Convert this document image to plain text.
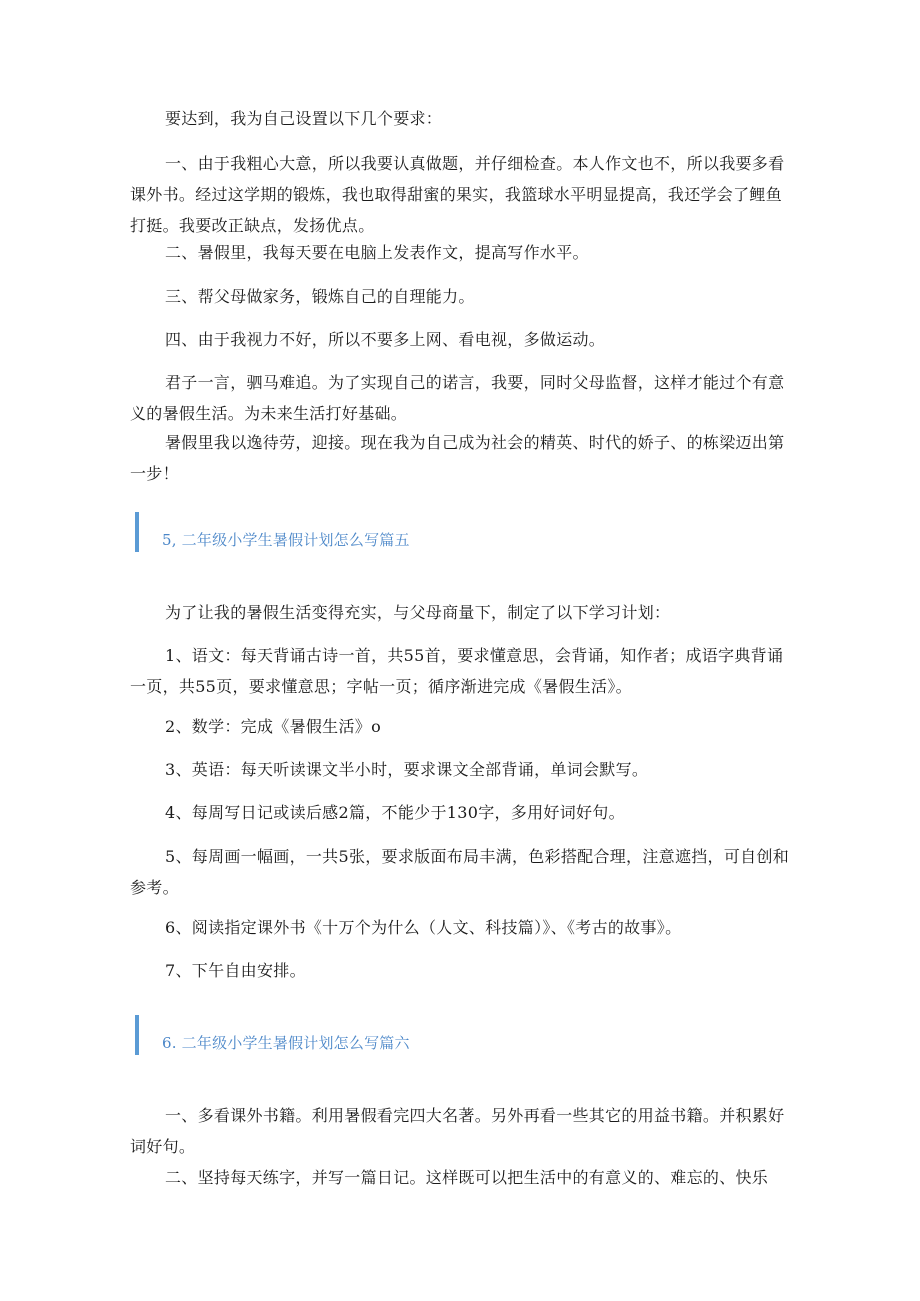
要达到，我为自己设置以下几个要求：

一、由于我粗心大意，所以我要认真做题，并仔细检查。本人作文也不，所以我要多看课外书。经过这学期的锻炼，我也取得甜蜜的果实，我篮球水平明显提高，我还学会了鲤鱼打挺。我要改正缺点，发扬优点。

二、暑假里，我每天要在电脑上发表作文，提高写作水平。

三、帮父母做家务，锻炼自己的自理能力。

四、由于我视力不好，所以不要多上网、看电视，多做运动。

君子一言，驷马难追。为了实现自己的诺言，我要，同时父母监督，这样才能过个有意义的暑假生活。为未来生活打好基础。

暑假里我以逸待劳，迎接。现在我为自己成为社会的精英、时代的娇子、的栋梁迈出第一步！

5, 二年级小学生暑假计划怎么写篇五

为了让我的暑假生活变得充实，与父母商量下，制定了以下学习计划：

1、语文：每天背诵古诗一首，共55首，要求懂意思，会背诵，知作者；成语字典背诵一页，共55页，要求懂意思；字帖一页；循序渐进完成《暑假生活》。

2、数学：完成《暑假生活》o

3、英语：每天听读课文半小时，要求课文全部背诵，单词会默写。

4、每周写日记或读后感2篇，不能少于130字，多用好词好句。

5、每周画一幅画，一共5张，要求版面布局丰满，色彩搭配合理，注意遮挡，可自创和参考。

6、阅读指定课外书《十万个为什么（人文、科技篇）》、《考古的故事》。

7、下午自由安排。

6. 二年级小学生暑假计划怎么写篇六

一、多看课外书籍。利用暑假看完四大名著。另外再看一些其它的用益书籍。并积累好词好句。

二、坚持每天练字，并写一篇日记。这样既可以把生活中的有意义的、难忘的、快乐
